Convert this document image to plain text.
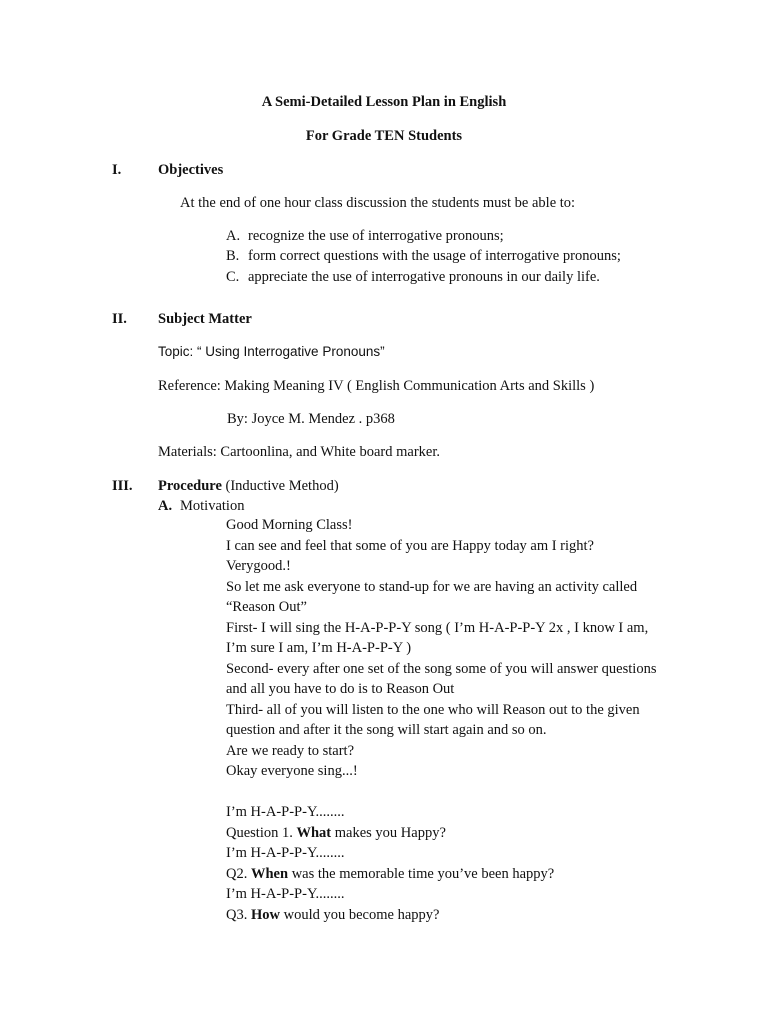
A Semi-Detailed Lesson Plan in English
For Grade TEN Students
I.	Objectives
At the end of one hour class discussion the students must be able to:
A. recognize the use of interrogative pronouns;
B. form correct questions with the usage of interrogative pronouns;
C. appreciate the use of interrogative pronouns in our daily life.
II. Subject Matter
Topic: “ Using Interrogative Pronouns”
Reference: Making Meaning IV ( English Communication Arts and Skills )
By: Joyce M. Mendez . p368
Materials: Cartoonlina, and White board marker.
III. Procedure (Inductive Method)
A. Motivation
Good Morning Class!
I can see and feel that some of you are Happy today am I right?
Verygood.!
So let me ask everyone to stand-up for we are having an activity called
“Reason Out”
First- I will sing the H-A-P-P-Y song ( I’m H-A-P-P-Y 2x , I know I am,
I’m sure I am, I’m H-A-P-P-Y )
Second- every after one set of the song some of you will answer questions
and all you have to do is to Reason Out
Third- all of you will listen to the one who will Reason out to the given
question and after it the song will start again and so on.
Are we ready to start?
Okay everyone sing...!
I’m H-A-P-P-Y........
Question 1. What makes you Happy?
I’m H-A-P-P-Y........
Q2. When was the memorable time you’ve been happy?
I’m H-A-P-P-Y........
Q3. How would you become happy?
